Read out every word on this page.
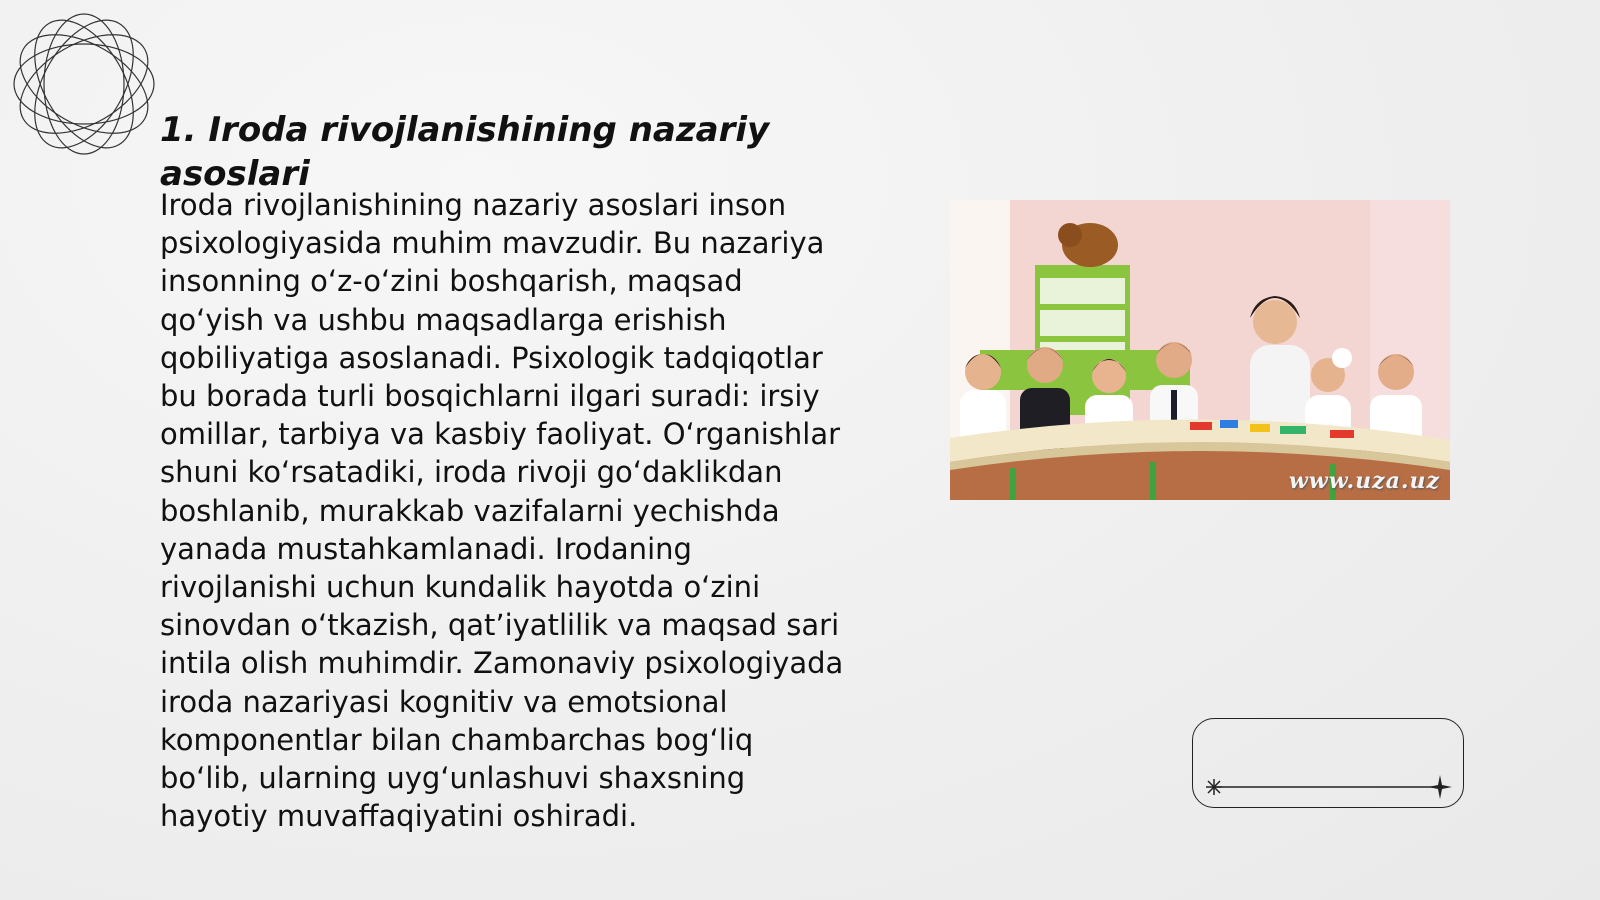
1. Iroda rivojlanishining nazariy asoslari

Iroda rivojlanishining nazariy asoslari inson psixologiyasida muhim mavzudir. Bu nazariya insonning o‘z-o‘zini boshqarish, maqsad qo‘yish va ushbu maqsadlarga erishish qobiliyatiga asoslanadi. Psixologik tadqiqotlar bu borada turli bosqichlarni ilgari suradi: irsiy omillar, tarbiya va kasbiy faoliyat. O‘rganishlar shuni ko‘rsatadiki, iroda rivoji go‘daklikdan boshlanib, murakkab vazifalarni yechishda yanada mustahkamlanadi. Irodaning rivojlanishi uchun kundalik hayotda o‘zini sinovdan o‘tkazish, qat’iyatlilik va maqsad sari intila olish muhimdir. Zamonaviy psixologiyada iroda nazariyasi kognitiv va emotsional komponentlar bilan chambarchas bog‘liq bo‘lib, ularning uyg‘unlashuvi shaxsning hayotiy muvaffaqiyatini oshiradi.

www.uza.uz
